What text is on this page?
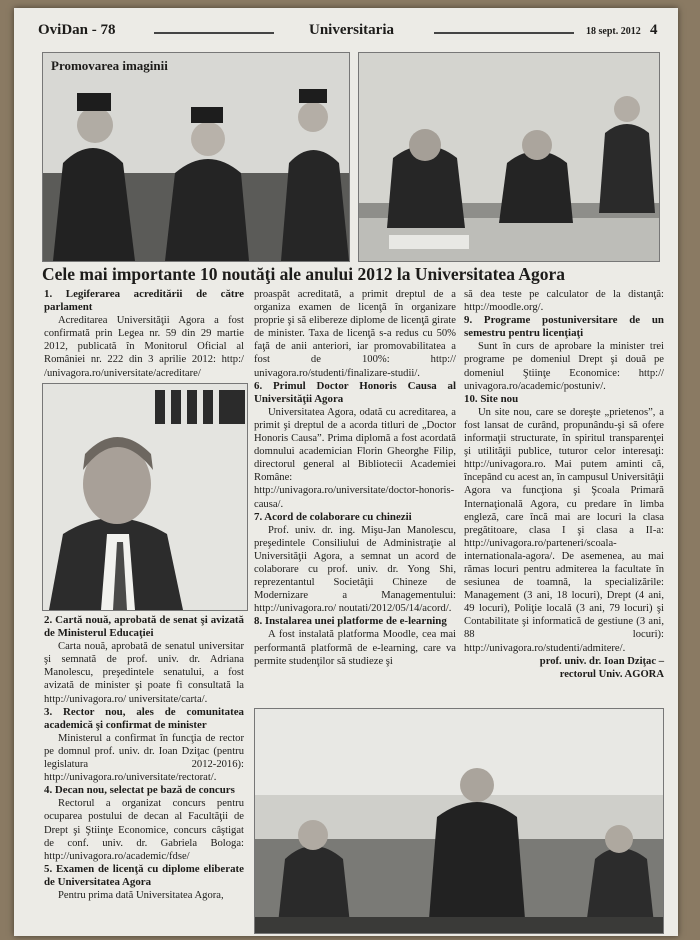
OviDan - 78	Universitaria	18 sept. 2012 4
Promovarea imaginii
Cele mai importante 10 noutăţi ale anului 2012 la Universitatea Agora

1. Legiferarea acreditării de către parlament

Acreditarea Universităţii Agora a fost confirmată prin Legea nr. 59 din 29 martie 2012, publicată în Monitorul Oficial al României nr. 222 din 3 aprilie 2012: http:/ /univagora.ro/universitate/acreditare/

2. Cartă nouă, aprobată de senat şi avizată de Ministerul Educaţiei

Carta nouă, aprobată de senatul universitar şi semnată de prof. univ. dr. Adriana Manolescu, preşedintele senatului, a fost avizată de minister şi poate fi consultată la http://univagora.ro/ universitate/carta/.

3. Rector nou, ales de comunitatea academică şi confirmat de minister

Ministerul a confirmat în funcţia de rector pe domnul prof. univ. dr. Ioan Dziţac (pentru legislatura 2012-2016): http://univagora.ro/universitate/rectorat/.

4. Decan nou, selectat pe bază de concurs

Rectorul a organizat concurs pentru ocuparea postului de decan al Facultăţii de Drept şi Ştiinţe Economice, concurs câştigat de conf. univ. dr. Gabriela Bologa: http://univagora.ro/academic/fdse/

5. Examen de licenţă cu diplome eliberate de Universitatea Agora

Pentru prima dată Universitatea Agora,

proaspăt acreditată, a primit dreptul de a organiza examen de licenţă în organizare proprie şi să elibereze diplome de licenţă girate de minister. Taxa de licenţă s-a redus cu 50% faţă de anii anteriori, iar promovabilitatea a fost de 100%: http:// univagora.ro/studenti/finalizare-studii/.

6. Primul Doctor Honoris Causa al Universităţii Agora

Universitatea Agora, odată cu acreditarea, a primit şi dreptul de a acorda titluri de „Doctor Honoris Causa”. Prima diplomă a fost acordată domnului academician Florin Gheorghe Filip, directorul general al Bibliotecii Academiei Române: http://univagora.ro/universitate/doctor-honoris-causa/.

7. Acord de colaborare cu chinezii

Prof. univ. dr. ing. Mişu-Jan Manolescu, preşedintele Consiliului de Administraţie al Universităţii Agora, a semnat un acord de colaborare cu prof. univ. dr. Yong Shi, reprezentantul Societăţii Chineze de Modernizare a Managementului: http://univagora.ro/ noutati/2012/05/14/acord/.

8. Instalarea unei platforme de e-learning

A fost instalată platforma Moodle, cea mai performantă platformă de e-learning, care va permite studenţilor să studieze şi

să dea teste pe calculator de la distanţă: http://moodle.org/.

9. Programe postuniversitare de un semestru pentru licenţiaţi

Sunt în curs de aprobare la minister trei programe pe domeniul Drept şi două pe domeniul Ştiinţe Economice: http:// univagora.ro/academic/postuniv/.

10. Site nou

Un site nou, care se doreşte „prietenos”, a fost lansat de curând, propunându-şi să ofere informaţii structurate, în spiritul transparenţei şi utilităţii publice, tuturor celor interesaţi: http://univagora.ro. Mai putem aminti că, începând cu acest an, în campusul Universităţii Agora va funcţiona şi Şcoala Primară Internaţională Agora, cu predare în limba engleză, care încă mai are locuri la clasa pregătitoare, clasa I şi clasa a II-a: http://univagora.ro/parteneri/scoala-internationala-agora/. De asemenea, au mai rămas locuri pentru admiterea la facultate în sesiunea de toamnă, la specializările: Management (3 ani, 18 locuri), Drept (4 ani, 49 locuri), Poliţie locală (3 ani, 79 locuri) şi Contabilitate şi informatică de gestiune (3 ani, 88 locuri): http://univagora.ro/studenti/admitere/.

prof. univ. dr. Ioan Dziţac –

rectorul Univ. AGORA
